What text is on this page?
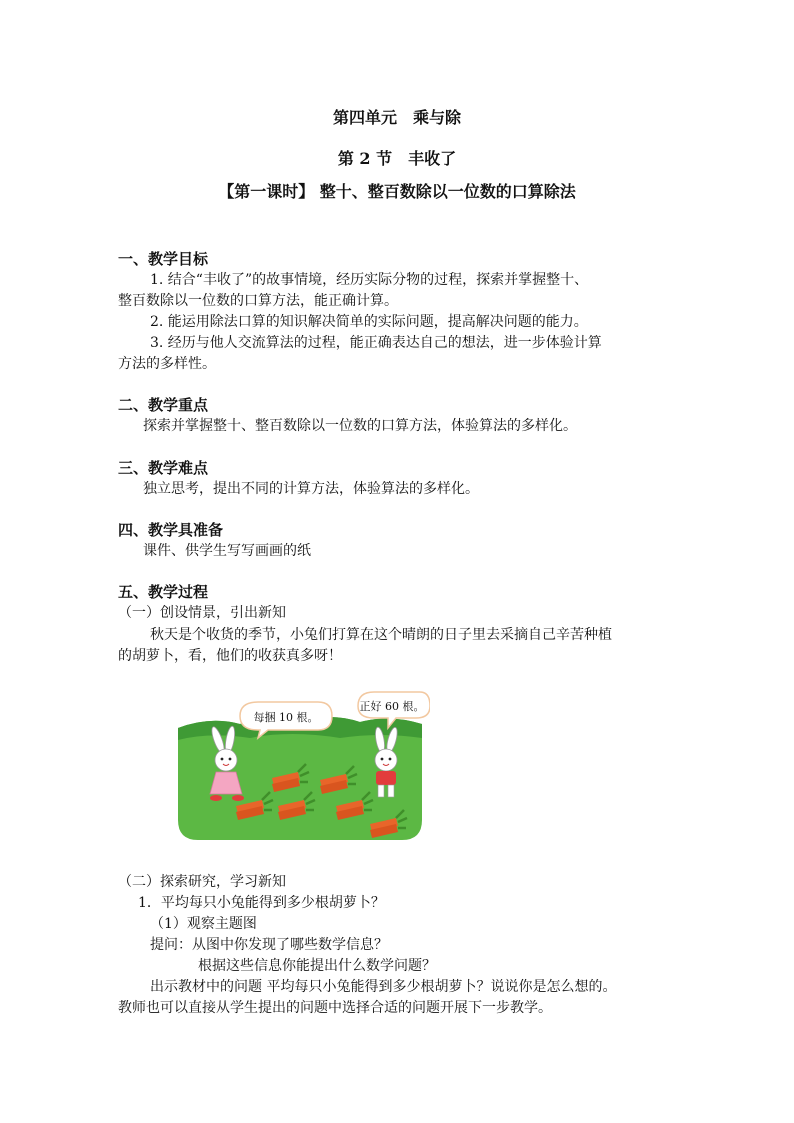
第四单元　乘与除
第 2 节　丰收了
【第一课时】 整十、整百数除以一位数的口算除法
一、教学目标
1. 结合“丰收了”的故事情境，经历实际分物的过程，探索并掌握整十、
整百数除以一位数的口算方法，能正确计算。
2. 能运用除法口算的知识解决简单的实际问题，提高解决问题的能力。
3. 经历与他人交流算法的过程，能正确表达自己的想法，进一步体验计算
方法的多样性。
二、教学重点
探索并掌握整十、整百数除以一位数的口算方法，体验算法的多样化。
三、教学难点
独立思考，提出不同的计算方法，体验算法的多样化。
四、教学具准备
课件、供学生写写画画的纸
五、教学过程
（一）创设情景，引出新知
秋天是个收货的季节，小兔们打算在这个晴朗的日子里去采摘自己辛苦种植
的胡萝卜，看，他们的收获真多呀！
每捆 10 根。
正好 60 根。
（二）探索研究，学习新知
1．平均每只小兔能得到多少根胡萝卜？
（1）观察主题图
提问：从图中你发现了哪些数学信息？
根据这些信息你能提出什么数学问题？
出示教材中的问题 平均每只小兔能得到多少根胡萝卜？说说你是怎么想的。
教师也可以直接从学生提出的问题中选择合适的问题开展下一步教学。
